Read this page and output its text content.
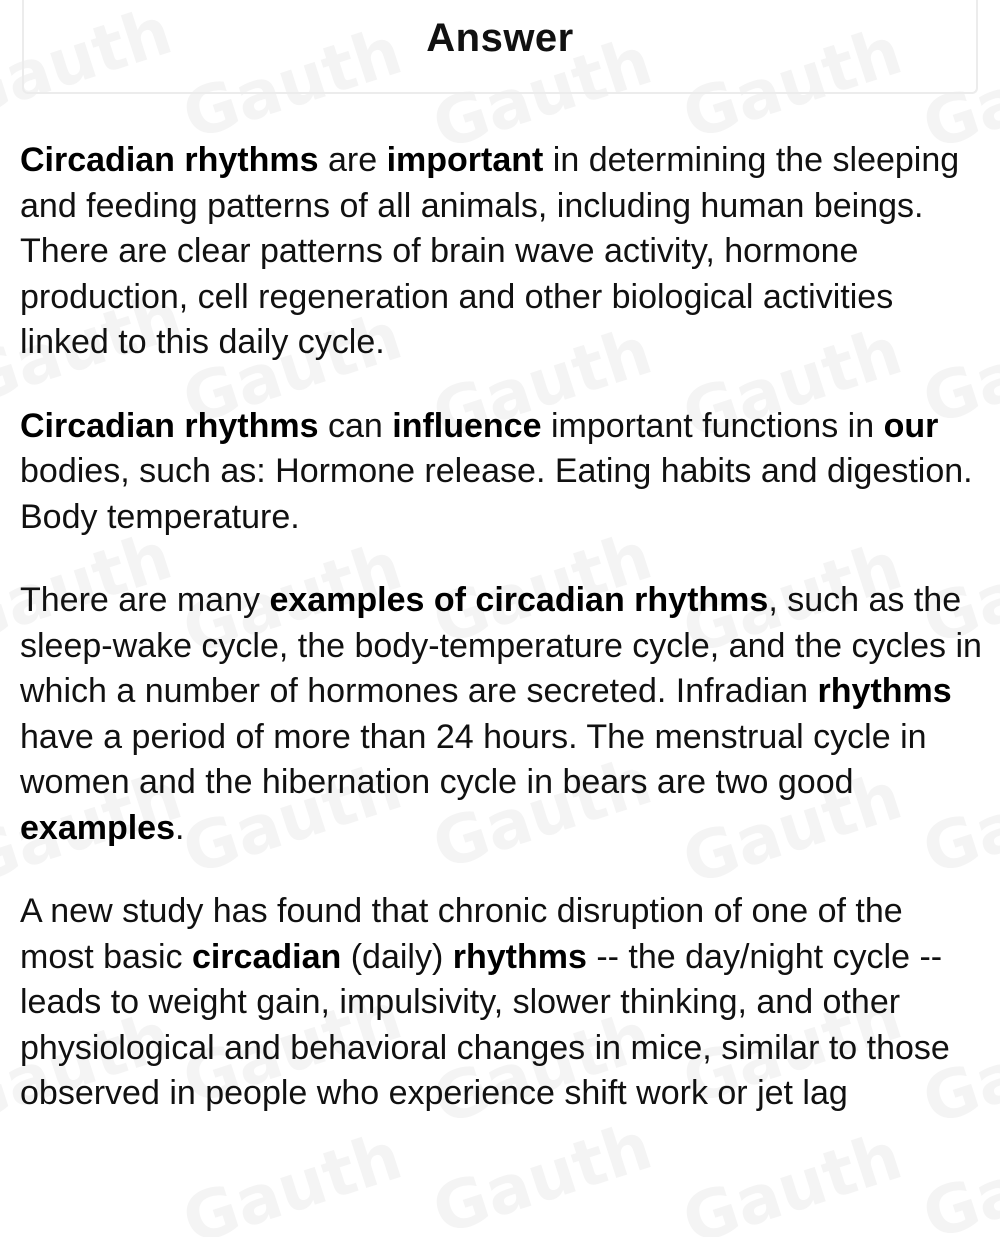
Answer

Circadian rhythms are important in determining the sleeping and feeding patterns of all animals, including human beings. There are clear patterns of brain wave activity, hormone production, cell regeneration and other biological activities linked to this daily cycle.

Circadian rhythms can influence important functions in our bodies, such as: Hormone release. Eating habits and digestion. Body temperature.

There are many examples of circadian rhythms, such as the sleep-wake cycle, the body-temperature cycle, and the cycles in which a number of hormones are secreted. Infradian rhythms have a period of more than 24 hours. The menstrual cycle in women and the hibernation cycle in bears are two good examples.

A new study has found that chronic disruption of one of the most basic circadian (daily) rhythms -- the day/night cycle -- leads to weight gain, impulsivity, slower thinking, and other physiological and behavioral changes in mice, similar to those observed in people who experience shift work or jet lag
